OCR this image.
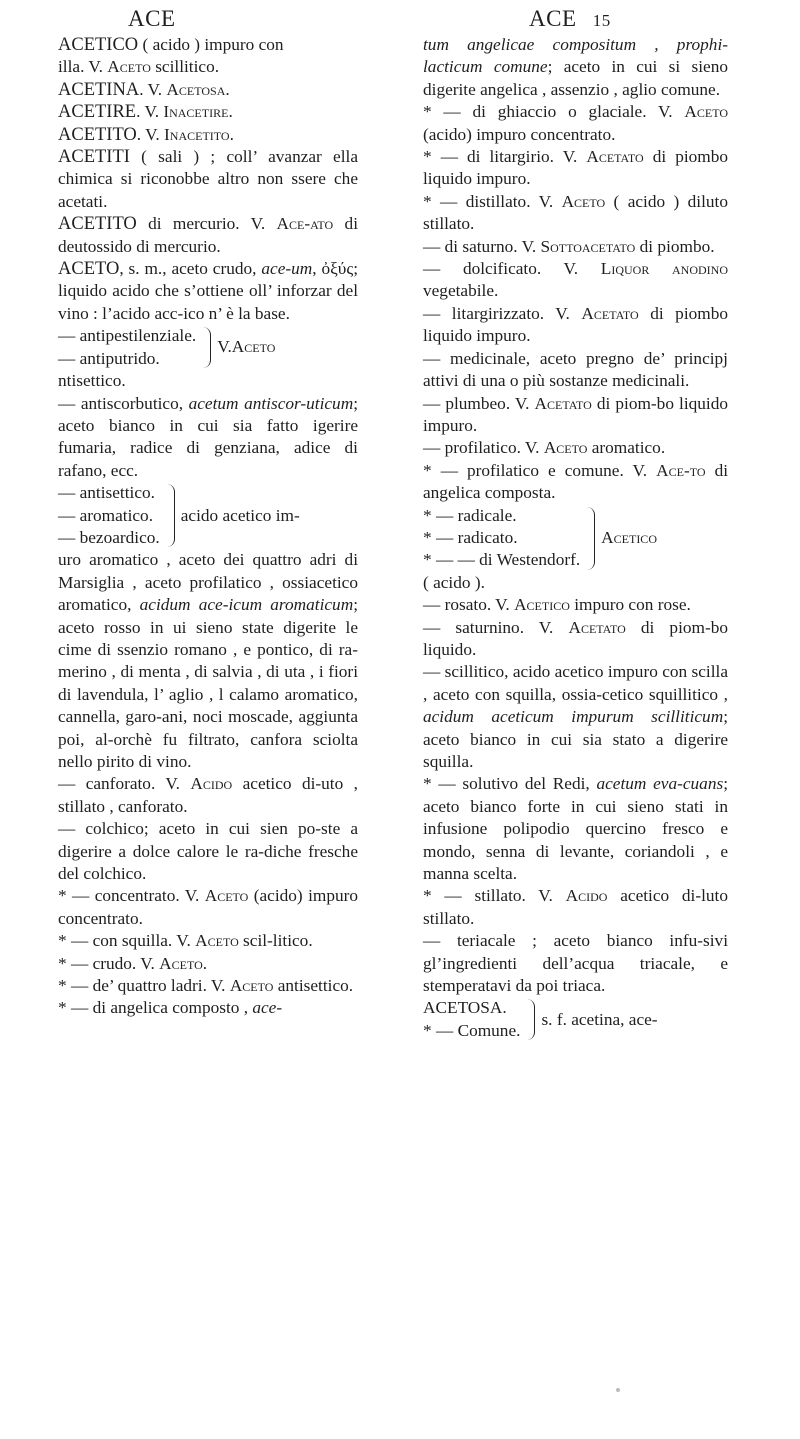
ACE	ACE 15

ACETICO ( acido ) impuro con

illa. V. Aceto scillitico.

ACETINA. V. Acetosa.

ACETIRE. V. Inacetire.

ACETITO. V. Inacetito.

ACETITI ( sali ) ; coll’ avanzar ella chimica si riconobbe altro non ssere che acetati.

ACETITO di mercurio. V. Ace-ato di deutossido di mercurio.

ACETO, s. m., aceto crudo, ace-um, ὀξύς; liquido acido che s’ottiene oll’ inforzar del vino : l’acido acc-ico n’ è la base.

— antipestilenziale.
— antiputrido.
V. Aceto

ntisettico.

— antiscorbutico, acetum antiscor-uticum; aceto bianco in cui sia fatto igerire fumaria, radice di genziana, adice di rafano, ecc.

— antisettico.
— aromatico.
— bezoardico.
acido acetico im-

uro aromatico , aceto dei quattro adri di Marsiglia , aceto profilatico , ossiacetico aromatico, acidum ace-icum aromaticum; aceto rosso in ui sieno state digerite le cime di ssenzio romano , e pontico, di ra-merino , di menta , di salvia , di uta , i fiori di lavendula, l’ aglio , l calamo aromatico, cannella, garo-ani, noci moscade, aggiunta poi, al-orchè fu filtrato, canfora sciolta nello pirito di vino.

— canforato. V. Acido acetico di-uto , stillato , canforato.

— colchico; aceto in cui sien po-ste a digerire a dolce calore le ra-diche fresche del colchico.

* — concentrato. V. Aceto (acido) impuro concentrato.

* — con squilla. V. Aceto scil-litico.

* — crudo. V. Aceto.

* — de’ quattro ladri. V. Aceto antisettico.

* — di angelica composto , ace-

tum angelicae compositum , prophi-lacticum comune; aceto in cui si sieno digerite angelica , assenzio , aglio comune.

* — di ghiaccio o glaciale. V. Aceto (acido) impuro concentrato.

* — di litargirio. V. Acetato di piombo liquido impuro.

* — distillato. V. Aceto ( acido ) diluto stillato.

— di saturno. V. Sottoacetato di piombo.

— dolcificato. V. Liquor anodino vegetabile.

— litargirizzato. V. Acetato di piombo liquido impuro.

— medicinale, aceto pregno de’ principj attivi di una o più sostanze medicinali.

— plumbeo. V. Acetato di piom-bo liquido impuro.

— profilatico. V. Aceto aromatico.

* — profilatico e comune. V. Ace-to di angelica composta.

* — radicale.
* — radicato.
* — — di Westendorf.
Acetico

( acido ).

— rosato. V. Acetico impuro con rose.

— saturnino. V. Acetato di piom-bo liquido.

— scillitico, acido acetico impuro con scilla , aceto con squilla, ossia-cetico squillitico , acidum aceticum impurum scilliticum; aceto bianco in cui sia stato a digerire squilla.

* — solutivo del Redi, acetum eva-cuans; aceto bianco forte in cui sieno stati in infusione polipodio quercino fresco e mondo, senna di levante, coriandoli , e manna scelta.

* — stillato. V. Acido acetico di-luto stillato.

— teriacale ; aceto bianco infu-sivi gl’ingredienti dell’acqua triacale, e stemperatavi da poi triaca.

ACETOSA.
* — Comune.
s. f. acetina, ace-
